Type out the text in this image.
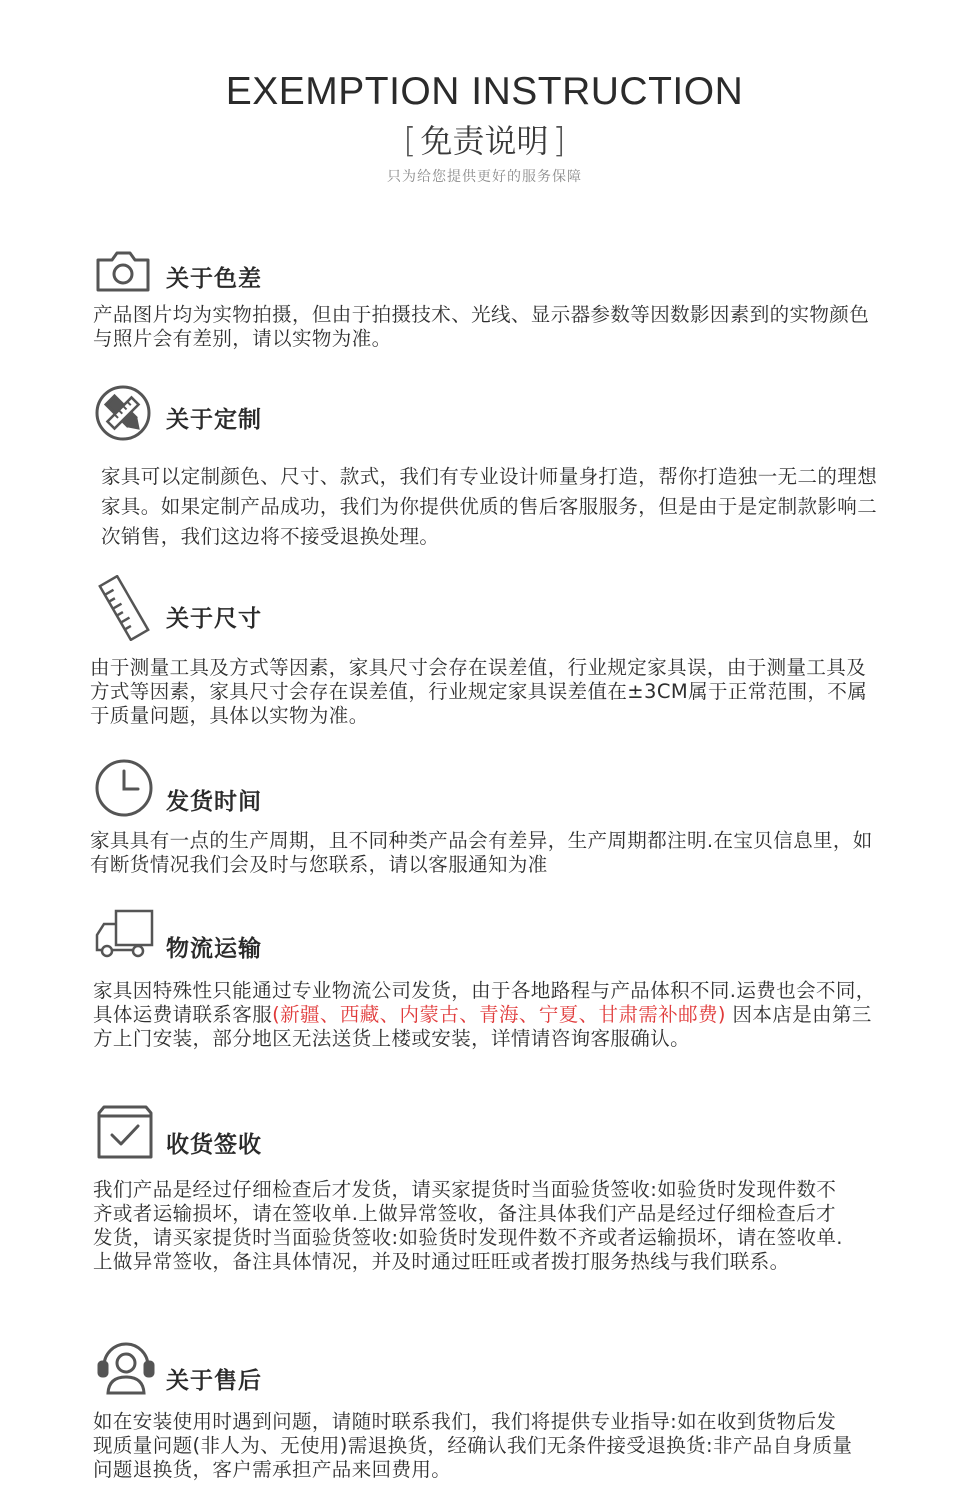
EXEMPTION INSTRUCTION
[ 免责说明 ]
只为给您提供更好的服务保障
关于色差
产品图片均为实物拍摄，但由于拍摄技术、光线、显示器参数等因数影因素到的实物颜色与照片会有差别，请以实物为准。
关于定制
家具可以定制颜色、尺寸、款式，我们有专业设计师量身打造，帮你打造独一无二的理想家具。如果定制产品成功，我们为你提供优质的售后客服服务，但是由于是定制款影响二次销售，我们这边将不接受退换处理。
关于尺寸
由于测量工具及方式等因素，家具尺寸会存在误差值，行业规定家具误，由于测量工具及方式等因素，家具尺寸会存在误差值，行业规定家具误差值在±3CM属于正常范围，不属于质量问题，具体以实物为准。
发货时间
家具具有一点的生产周期，且不同种类产品会有差异，生产周期都注明.在宝贝信息里，如有断货情况我们会及时与您联系，请以客服通知为准
物流运输
家具因特殊性只能通过专业物流公司发货，由于各地路程与产品体积不同.运费也会不同，具体运费请联系客服(新疆、西藏、内蒙古、青海、宁夏、甘肃需补邮费) 因本店是由第三方上门安装，部分地区无法送货上楼或安装，详情请咨询客服确认。
收货签收
我们产品是经过仔细检查后才发货，请买家提货时当面验货签收:如验货时发现件数不齐或者运输损坏，请在签收单.上做异常签收，备注具体我们产品是经过仔细检查后才发货，请买家提货时当面验货签收:如验货时发现件数不齐或者运输损坏，请在签收单.上做异常签收，备注具体情况，并及时通过旺旺或者拨打服务热线与我们联系。
关于售后
如在安装使用时遇到问题，请随时联系我们，我们将提供专业指导:如在收到货物后发现质量问题(非人为、无使用)需退换货，经确认我们无条件接受退换货:非产品自身质量问题退换货，客户需承担产品来回费用。
